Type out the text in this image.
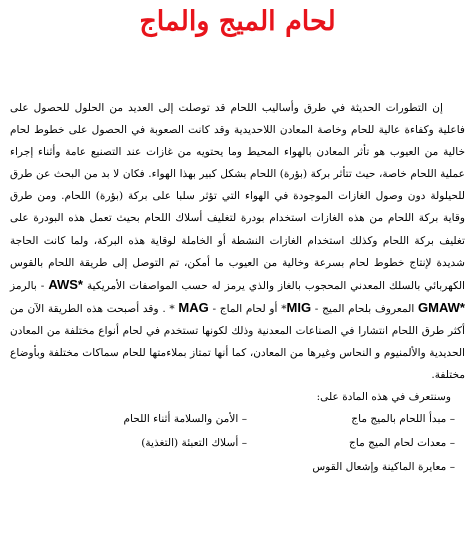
لحام الميج والماج

إن التطورات الحديثة في طرق وأساليب اللحام قد توصلت إلى العديد من الحلول للحصول على فاعلية وكفاءة عالية للحام وخاصة المعادن اللاحديدية وقد كانت الصعوبة في الحصول على خطوط لحام خالية من العيوب هو تأثر المعادن بالهواء المحيط وما يحتويه من غازات عند التصنيع عامة وأثناء إجراء عملية اللحام خاصة، حيث تتأثر بركة (بؤرة) اللحام بشكل كبير بهذا الهواء. فكان لا بد من البحث عن طرق للحيلولة دون وصول الغازات الموجودة في الهواء التي تؤثر سلبا على بركة (بؤرة) اللحام. ومن طرق وقاية بركة اللحام من هذه الغازات استخدام بودرة لتغليف أسلاك اللحام بحيث تعمل هذه البودرة على تغليف بركة اللحام وكذلك استخدام الغازات النشطة أو الخاملة لوقاية هذه البركة، ولما كانت الحاجة شديدة لإنتاج خطوط لحام بسرعة وخالية من العيوب ما أمكن، تم التوصل إلى طريقة اللحام بالقوس الكهربائي بالسلك المعدني المحجوب بالغاز والذي يرمز له حسب المواصفات الأمريكية AWS* - بالرمز GMAW* المعروف بلحام الميج - MIG* أو لحام الماج - MAG * . وقد أصبحت هذه الطريقة الآن من أكثر طرق اللحام انتشارا في الصناعات المعدنية وذلك لكونها تستخدم في لحام أنواع مختلفة من المعادن الحديدية والألمنيوم و النحاس وغيرها من المعادن، كما أنها تمتاز بملاءمتها للحام سماكات مختلفة وبأوضاع مختلفة.

وسنتعرف في هذه المادة على:

– مبدأ اللحام بالميج ماج
– الأمن والسلامة أثناء اللحام
– معدات لحام الميج ماج
– أسلاك التعبئة (التغذية)
– معايرة الماكينة وإشعال القوس
